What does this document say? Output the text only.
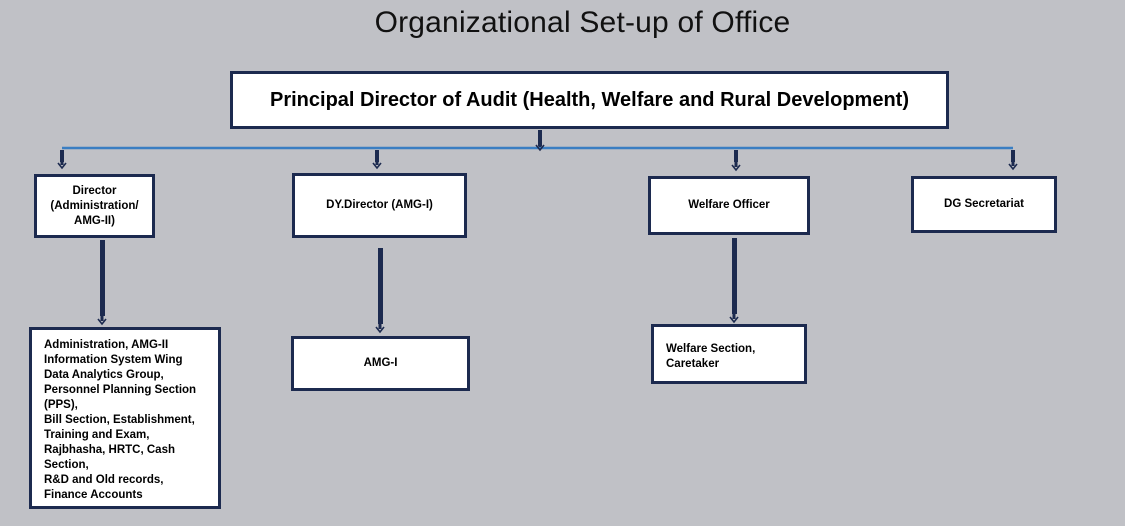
Organizational Set-up of Office
Principal Director of Audit (Health, Welfare and Rural Development)
Director
(Administration/
AMG-II)
DY.Director (AMG-I)	Welfare Officer	DG Secretariat
Administration, AMG-II
Information System Wing
Data Analytics Group,
Personnel Planning Section
(PPS),
Bill Section, Establishment,
Training and Exam,
Rajbhasha, HRTC, Cash
Section,
R&D and Old records,
Finance Accounts
AMG-I
Welfare Section,
Caretaker
